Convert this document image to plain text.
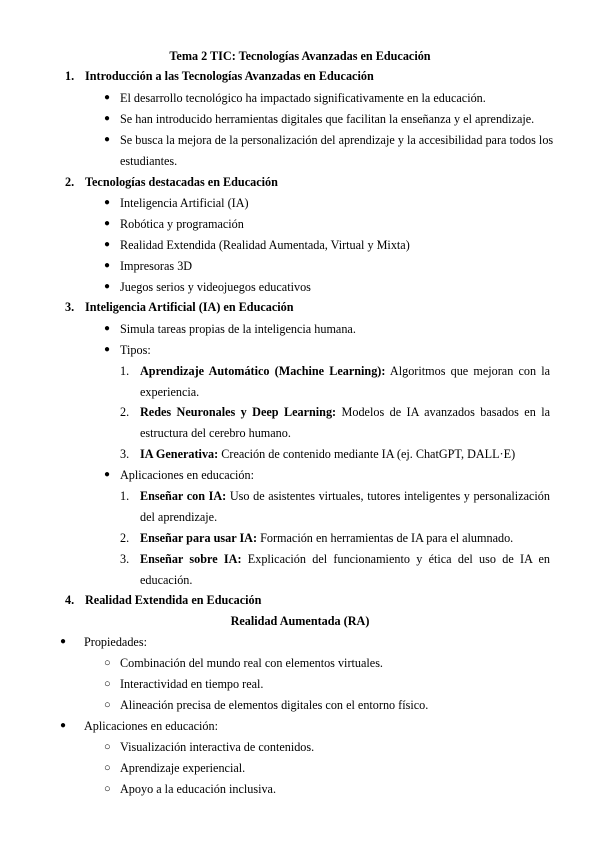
Tema 2 TIC: Tecnologías Avanzadas en Educación
1. Introducción a las Tecnologías Avanzadas en Educación
● El desarrollo tecnológico ha impactado significativamente en la educación.
● Se han introducido herramientas digitales que facilitan la enseñanza y el aprendizaje.
● Se busca la mejora de la personalización del aprendizaje y la accesibilidad para todos los
estudiantes.
2. Tecnologías destacadas en Educación
● Inteligencia Artificial (IA)
● Robótica y programación
● Realidad Extendida (Realidad Aumentada, Virtual y Mixta)
● Impresoras 3D
● Juegos serios y videojuegos educativos
3. Inteligencia Artificial (IA) en Educación
● Simula tareas propias de la inteligencia humana.
● Tipos:
1. Aprendizaje Automático (Machine Learning): Algoritmos que mejoran con la
experiencia.
2. Redes Neuronales y Deep Learning: Modelos de IA avanzados basados en la
estructura del cerebro humano.
3. IA Generativa: Creación de contenido mediante IA (ej. ChatGPT, DALL·E)
● Aplicaciones en educación:
1. Enseñar con IA: Uso de asistentes virtuales, tutores inteligentes y personalización
del aprendizaje.
2. Enseñar para usar IA: Formación en herramientas de IA para el alumnado.
3. Enseñar sobre IA: Explicación del funcionamiento y ética del uso de IA en
educación.
4. Realidad Extendida en Educación
Realidad Aumentada (RA)
● Propiedades:
○ Combinación del mundo real con elementos virtuales.
○ Interactividad en tiempo real.
○ Alineación precisa de elementos digitales con el entorno físico.
● Aplicaciones en educación:
○ Visualización interactiva de contenidos.
○ Aprendizaje experiencial.
○ Apoyo a la educación inclusiva.
